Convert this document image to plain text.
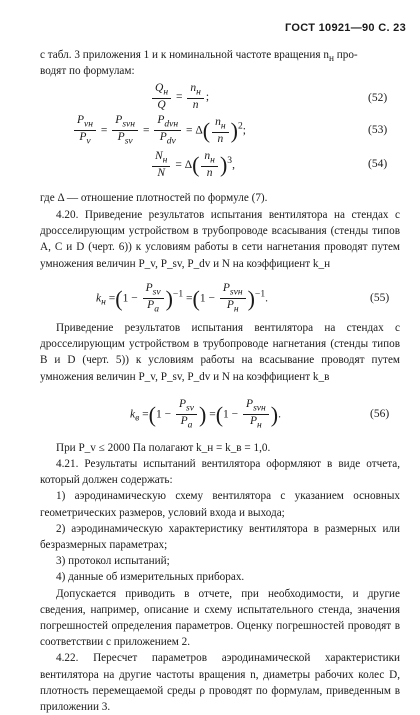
ГОСТ 10921—90 С. 23
с табл. 3 приложения 1 и к номинальной частоте вращения $n_н$ про-
водят по формулам:
$\frac{Q_н}{Q} = \frac{n_н}{n}$ ;	(52)
$\frac{P_{vн}}{P_v} = \frac{P_{svн}}{P_{sv}} = \frac{P_{dvн}}{P_{dv}} = \Delta( \frac{n_н}{n} )^2$;	(53)
$\frac{N_н}{N} = \Delta( \frac{n_н}{n} )^3$,	(54)
где Δ — отношение плотностей по формуле (7).

4.20. Приведение результатов испытания вентилятора на стендах с дросселирующим устройством в трубопроводе всасывания (стенды типов A, С и D (черт. 6)) к условиям работы в сети нагнетания проводят путем умножения величин P_v, P_sv, P_dv и N на коэффициент k_н

$k_н =(1 - \frac{P_{sv}}{P_a} )^{-1} =(1 - \frac{P_{svн}}{P_н} )^{-1}$.	(55)

Приведение результатов испытания вентилятора на стендах с дросселирующим устройством в трубопроводе нагнетания (стенды типов B и D (черт. 5)) к условиям работы на всасывание проводят путем умножения величин P_v, P_sv, P_dv и N на коэффициент k_в

$k_в =(1 - \frac{P_{sv}}{P_a}$ ) $=(1 - \frac{P_{svн}}{P_н}$ ).	(56)
При P_v ≤ 2000 Па полагают k_н = k_в = 1,0.

4.21. Результаты испытаний вентилятора оформляют в виде отчета, который должен содержать:

1) аэродинамическую схему вентилятора с указанием основных геометрических размеров, условий входа и выхода;

2) аэродинамическую характеристику вентилятора в размерных или безразмерных параметрах;

3) протокол испытаний;

4) данные об измерительных приборах.

Допускается приводить в отчете, при необходимости, и другие сведения, например, описание и схему испытательного стенда, значения погрешностей определения параметров. Оценку погрешностей проводят в соответствии с приложением 2.

4.22. Пересчет параметров аэродинамической характеристики вентилятора на другие частоты вращения n, диаметры рабочих колес D, плотность перемещаемой среды ρ проводят по формулам, приведенным в приложении 3.
